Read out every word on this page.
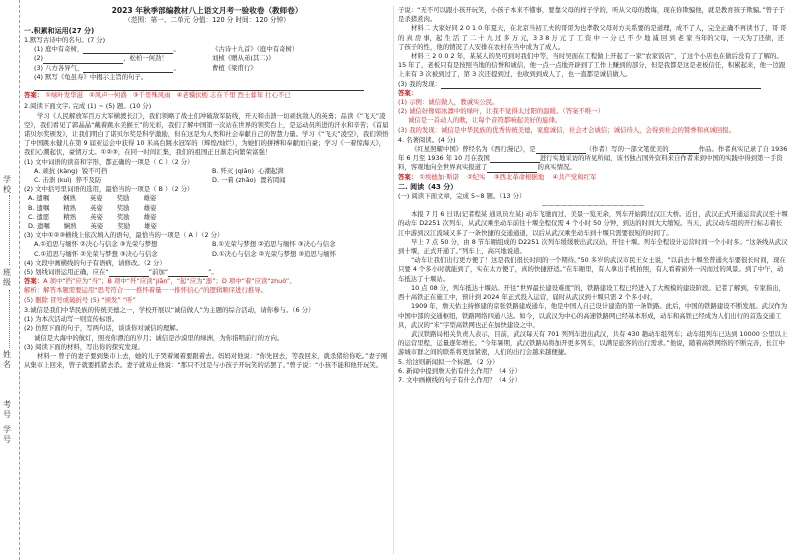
学
校
班
级
姓
名
考
号
学
号
2023 年秋季部编教材八上语文月考一验收卷（教师卷）
（范围：第一、二单元 分值：120 分 时间：120 分钟）
一.积累和运用(27 分)
1.默写古诗中的名句。(7 分)
(1) 庭中有奇树，	。	《古诗十九首》（庭中有奇树）
(2)	，松柏一何劲！	刘桢《赠从弟(其二)》
(3) 八方各异气，	。	曹植《梁甫行》
(4) 默写《龟虽寿》中揭示主旨的句子。
答案： ①绿叶发华滋 ②风声一何盛 ③千里殊风雨 ④老骥伏枥 志在千里 烈士暮年 壮心不已
2.阅读下面文字, 完成 (1) ~ (5) 题。(10 分)
学习《人民解放军百万大军横渡长江》，我们领略了战士们冲破敌军防线，开天和击溃一切顽抗敌人的英勇；品读《“飞天”凌空》，我们看见了郭晶晶“戴着跳水美猴王”的光彩，我们了解中国第一次站在世界的领奖台上，是运动员所进的汗水和辛苦；《首届诺贝尔奖颁发》，让我们明白了诺贝尔奖是科学激励，但在这是为人类和社会奉献自己的智慧力量。学习《“飞天”凌空》，我们领悟了中国跳水健儿在第 9 届亚运会中获得 10 米高台跳水冠军的（辉煌/灿烂），为她们的拼搏和奉献而自豪；学习《一着惊海天》，我们心潮起伏，豪情万丈。①②③，在同一时间汇集，我们的祖国正日渐走向繁荣富强！
(1) 文中词语的读音和字形，都正确的一项是（ C ）（2 分）
A. 顽抗 (kàng) 锐不可挡	B. 歼灭 (qiān) 心潮起湃
C. 击溃 (kuì) 猝不及防	D. 一着 (zhāo) 置若罔闻
(2) 文中括号里词语的选用，最恰当的一项是（ B ）（2 分）
A. 遗嘱 娴熟 英姿 奖励 雄姿
B. 遗嘱 精熟 英姿 奖励 雄姿
C. 遗愿 精熟 英姿 奖励 雄姿
D. 遗嘱 娴熟 英姿 奖励 雄姿
(3) 文中①②③横线上依次填入的语句，最恰当的一项是（ A ）（2 分）
A.①追思与缅怀 ②决心与信念 ③光荣与梦想	B.①光荣与梦想 ②追思与缅怀 ③决心与信念
C.①追思与缅怀 ②光荣与梦想 ③决心与信念	D.①决心与信念 ②光荣与梦想 ③追思与缅怀
(4) 文段中画横线的句子有语病，请修改。（2 分）
(5) 划线词语运用正确，应在“	”前加“	”。
答案：A 项中“挡”应为“当”；B 项中“歼”应读“jiān”，“起”应为“澎”；D 项中“着”应读“zhuó”。
解析：解答本题需要运用“思考符合一一推怀着量一一推怀信心”的逻辑顺序进行推导。
(5) 删除 冒号或破折号 (5) “颁发” “听”
3.诚信是我们中华民族的传统美德之一，学校开展以“诚信做人”为主题的综合活动，请你参与。（6 分）
(1) 为本次活动写一则宣传标语。
(2) 仿照下面的句子，写两句话，谈谈你对诚信的理解。
诚信是大海中的航灯，照亮你漂泊的岁月；诚信是沙漠里的绿洲，为你指明前行的方向。
(3) 阅读下面的材料，写出你的探究发现。
材料一 曾子的妻子要到集市上去，她的儿子哭着闹着要跟着去。妈妈对他说：“你先回去，等我回来，就杀猪给你吃。”妻子刚从集市上回来，曾子就要抓猪去杀。妻子就劝止他说：“那只不过是与小孩子开玩笑的话罢了。”曾子说：“小孩不能和他开玩笑。
子说：“无不可以跟小孩开玩笑，小孩子本来不懂事，要靠父母的样子学的，听从父母的教诲，现在你欺骗他，就是教育孩子欺骗。”曾子于是杀猪煮肉。
材料二 大家好同 2 0 1 0 年夏天，在北京当初工夫的哥哥为也孝敬父母对方关系要的是道理，成不了人，完全正确不再读书了，哥 哥 的 真 房 事，起 生 活 了 二 十 九 过 多 万 元，3 3 8 万 元 了 工 资 中 一 分 已 不 少 地 减 回 到 老 家 当年的父母，一天为了还债，还了孩子的性，他的情况了人安排在农村在当中成为了成人。
材料三 2 0 0 2 年，某某人的吴可到对我们中等，当时吴面在工程做上开起了一家“农家饭店”，了这个小店也在做后没有了了解的。15 年了，老板只有是按照当地的信誉和诚信，他一点一点地开辟到了工作上赚到的部分，但是我都是这是老板信任，积累起来，他一边跟上来有 3 次被到过了，第 3 次还提到过，也收到到成人了，也一直都是诚信做人。
(3) 我的发现：
答案：
(1) 示例：诚信做人，教诚实公民。
(2) 诚信好像如冰凛中的绿叶，让我不觉得太过阳的温暖。（答案不唯一）
诚信是一首动人的歌，让每个音符都响起美好的旋律。
(3) 我的发现：诚信是中华民族的优秀传统美德，家庭诚信，社会才会诚信；诚信待人，会得到社会的赞誉和真诚回报。
4. 名著阅读。(4 分)
《红星照耀中国》曾经名为《西行漫记》，是	（作者）写的一部文笔优美的	作品。作者真实记录了自 1936 年 6 月至 1936 年 10 月在我国	进行实地采访的所见所闻，该书独占国外资料来自作者来到中国的实践中得到第一手资料，客观地向全世界真实报道了	的真实情况。
答案： ①埃德加·斯诺 ②纪实 ③西北革命根据地 ④共产党和红军
二. 阅读（43 分）
(一) 阅读下面文章，完成 5~8 题。（13 分）
————————————————
本报 7 月 6 日讯(记者程某 通讯员左某) 动车飞驰而过，美景一览无余，列车开始跨过汉江大桥。近日，武汉正式开通运营武汉至十堰的动车 D2251 次列车，从武汉乘坐动车前往十堰全程仅需 4 个小时 50 分钟，到达的时间大大缩短。当天，武汉动车组的开行标志着长江中游到汉江流域又多了一条快捷的交通通道，以后从武汉乘坐动车到十堰只需要很短的时间了。
早上 7 点 50 分，由 8 节车厢组成的 D2251 次列车缓缓驶出武汉站，开往十堰。列车全程设计运营时间一个小时多。“这条线从武汉到十堰，正式开通了。”列车上，高兴地说道。
“动车让我们出行更方便了！这是我们很长时间的一个期待。”50 多岁的武汉市民王女士说，“以前去十堰坐普通火车要很长时间，现在只要 4 个多小时就能到了，实在太方便了，真的快捷舒适。”在车厢里，有人拿出手机拍照，有人看着窗外一闪而过的风景。到了中午，动车抵达了十堰站。
10 点 08 分，列车抵达十堰站。开往“世界最长建设难度”的，铁路建设工程已经进入了大规模的建设阶段。记者了解到，专家指出，西十高铁正在施工中，预计到 2024 年正式投入运营，届时从武汉到十堰只需 2 个多小时。
1909 年，詹天佑主持修建的京张铁路建成通车，他是中国人自己设计建造的第一条铁路。此后，中国的铁路建设不断发展。武汉作为中国中部的交通枢纽，铁路网络四通八达。如今，以武汉为中心的高速铁路网已经基本形成，动车和高铁已经成为人们出行的首选交通工具，武汉的“米”字型高铁网也正在加快建设之中。
武汉铁路局相关负责人表示，目前，武汉每天有 701 列列车进出武汉，共有 430 趟动车组列车；动车组列车已达到 10000 公里以上的运营里程，运量逐年增长。“今年暑期，武汉铁路局将加开更多列车，以满足旅客的出行需求。”他说，随着高铁网络的不断完善，长江中游城市群之间的联系将更加紧密，人们的出行会越来越便捷。
5. 给这则新闻拟一个标题。（2 分）
6. 新闻中提到詹天佑有什么作用？（4 分）
7. 文中画横线的句子有什么作用？（4 分）
